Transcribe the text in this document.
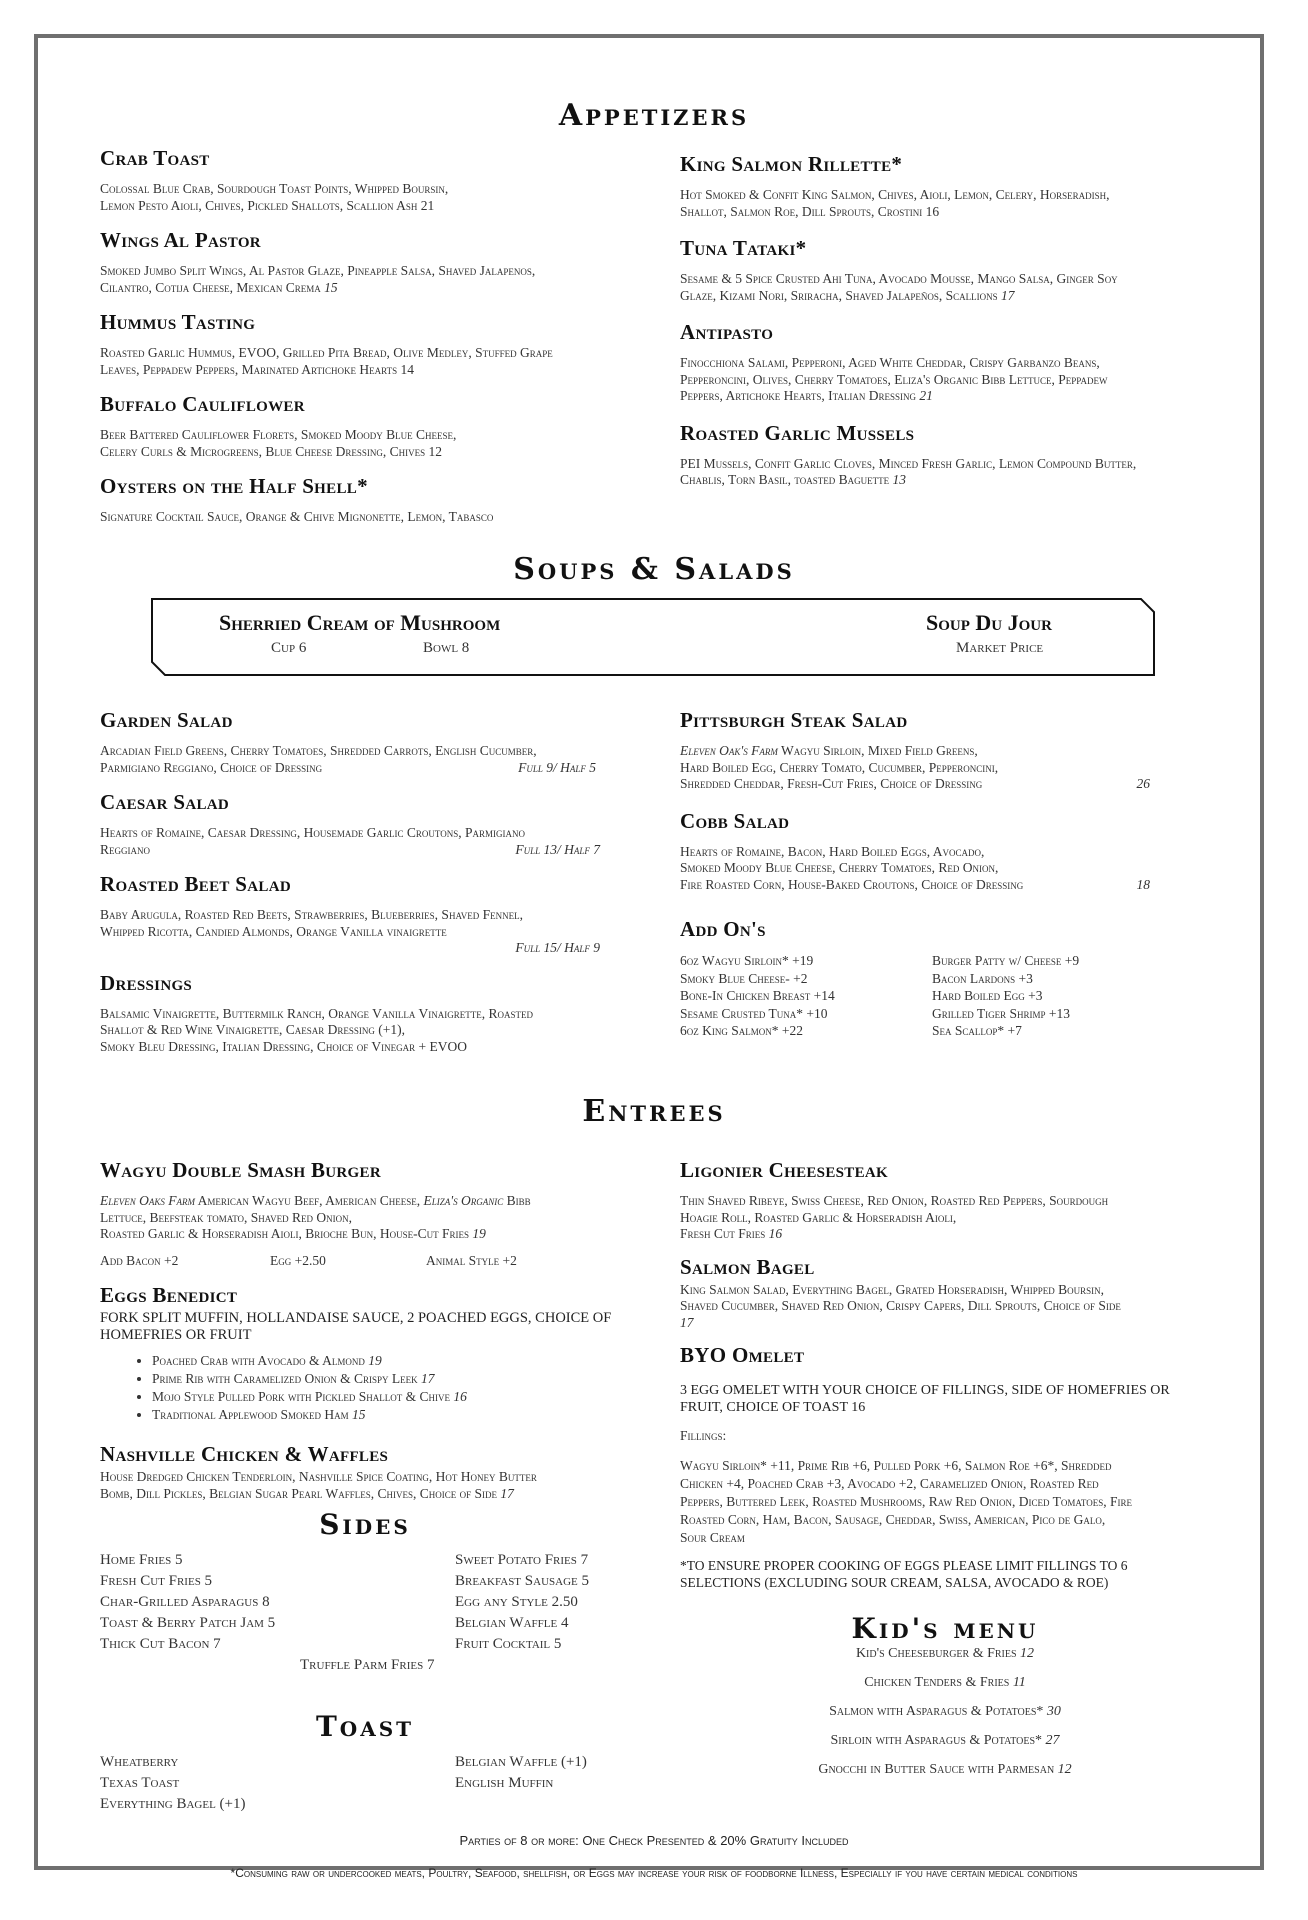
Appetizers
Crab Toast

Colossal Blue Crab, Sourdough Toast Points, Whipped Boursin,
Lemon Pesto Aioli, Chives, Pickled Shallots, Scallion Ash 21

Wings Al Pastor

Smoked Jumbo Split Wings, Al Pastor Glaze, Pineapple Salsa, Shaved Jalapenos,
Cilantro, Cotija Cheese, Mexican Crema 15

Hummus Tasting

Roasted Garlic Hummus, EVOO, Grilled Pita Bread, Olive Medley, Stuffed Grape
Leaves, Peppadew Peppers, Marinated Artichoke Hearts 14

Buffalo Cauliflower

Beer Battered Cauliflower Florets, Smoked Moody Blue Cheese,
Celery Curls & Microgreens, Blue Cheese Dressing, Chives 12

Oysters on the Half Shell*

Signature Cocktail Sauce, Orange & Chive Mignonette, Lemon, Tabasco

King Salmon Rillette*

Hot Smoked & Confit King Salmon, Chives, Aioli, Lemon, Celery, Horseradish,
Shallot, Salmon Roe, Dill Sprouts, Crostini 16

Tuna Tataki*

Sesame & 5 Spice Crusted Ahi Tuna, Avocado Mousse, Mango Salsa, Ginger Soy
Glaze, Kizami Nori, Sriracha, Shaved Jalapeños, Scallions 17

Antipasto

Finocchiona Salami, Pepperoni, Aged White Cheddar, Crispy Garbanzo Beans,
Pepperoncini, Olives, Cherry Tomatoes, Eliza's Organic Bibb Lettuce, Peppadew
Peppers, Artichoke Hearts, Italian Dressing 21

Roasted Garlic Mussels

PEI Mussels, Confit Garlic Cloves, Minced Fresh Garlic, Lemon Compound Butter,
Chablis, Torn Basil, toasted Baguette 13

Soups & Salads
Sherried Cream of Mushroom
Cup 6	Bowl 8
Soup Du Jour
Market Price
Garden Salad

Arcadian Field Greens, Cherry Tomatoes, Shredded Carrots, English Cucumber,

Parmigiano Reggiano, Choice of Dressing	Full 9/ Half 5
Caesar Salad

Hearts of Romaine, Caesar Dressing, Housemade Garlic Croutons, Parmigiano

Reggiano	Full 13/ Half 7
Roasted Beet Salad

Baby Arugula, Roasted Red Beets, Strawberries, Blueberries, Shaved Fennel,
Whipped Ricotta, Candied Almonds, Orange Vanilla vinaigrette

Full 15/ Half 9
Dressings

Balsamic Vinaigrette, Buttermilk Ranch, Orange Vanilla Vinaigrette, Roasted
Shallot & Red Wine Vinaigrette, Caesar Dressing (+1),
Smoky Bleu Dressing, Italian Dressing, Choice of Vinegar + EVOO

Pittsburgh Steak Salad

Eleven Oak's Farm Wagyu Sirloin, Mixed Field Greens,
Hard Boiled Egg, Cherry Tomato, Cucumber, Pepperoncini,

Shredded Cheddar, Fresh-Cut Fries, Choice of Dressing	26
Cobb Salad

Hearts of Romaine, Bacon, Hard Boiled Eggs, Avocado,
Smoked Moody Blue Cheese, Cherry Tomatoes, Red Onion,

Fire Roasted Corn, House-Baked Croutons, Choice of Dressing	18
Add On's
6oz Wagyu Sirloin* +19	Burger Patty w/ Cheese +9
Smoky Blue Cheese- +2	Bacon Lardons +3
Bone-In Chicken Breast +14	Hard Boiled Egg +3
Sesame Crusted Tuna* +10	Grilled Tiger Shrimp +13
6oz King Salmon* +22	Sea Scallop* +7
Entrees
Wagyu Double Smash Burger

Eleven Oaks Farm American Wagyu Beef, American Cheese, Eliza's Organic Bibb
Lettuce, Beefsteak tomato, Shaved Red Onion,
Roasted Garlic & Horseradish Aioli, Brioche Bun, House-Cut Fries 19

Add Bacon +2	Egg +2.50	Animal Style +2
Eggs Benedict
FORK SPLIT MUFFIN, HOLLANDAISE SAUCE, 2 POACHED EGGS, CHOICE OF
HOMEFRIES OR FRUIT
• Poached Crab with Avocado & Almond 19
• Prime Rib with Caramelized Onion & Crispy Leek 17
• Mojo Style Pulled Pork with Pickled Shallot & Chive 16
• Traditional Applewood Smoked Ham 15
Nashville Chicken & Waffles

House Dredged Chicken Tenderloin, Nashville Spice Coating, Hot Honey Butter
Bomb, Dill Pickles, Belgian Sugar Pearl Waffles, Chives, Choice of Side 17

Ligonier Cheesesteak

Thin Shaved Ribeye, Swiss Cheese, Red Onion, Roasted Red Peppers, Sourdough
Hoagie Roll, Roasted Garlic & Horseradish Aioli,
Fresh Cut Fries 16

Salmon Bagel

King Salmon Salad, Everything Bagel, Grated Horseradish, Whipped Boursin,
Shaved Cucumber, Shaved Red Onion, Crispy Capers, Dill Sprouts, Choice of Side
17

BYO Omelet
3 EGG OMELET WITH YOUR CHOICE OF FILLINGS, SIDE OF HOMEFRIES OR
FRUIT, CHOICE OF TOAST 16

Fillings:

Wagyu Sirloin* +11, Prime Rib +6, Pulled Pork +6, Salmon Roe +6*, Shredded
Chicken +4, Poached Crab +3, Avocado +2, Caramelized Onion, Roasted Red
Peppers, Buttered Leek, Roasted Mushrooms, Raw Red Onion, Diced Tomatoes, Fire
Roasted Corn, Ham, Bacon, Sausage, Cheddar, Swiss, American, Pico de Galo,
Sour Cream

*TO ENSURE PROPER COOKING OF EGGS PLEASE LIMIT FILLINGS TO 6
SELECTIONS (EXCLUDING SOUR CREAM, SALSA, AVOCADO & ROE)
Sides
Home Fries 5	Sweet Potato Fries 7
Fresh Cut Fries 5	Breakfast Sausage 5
Char-Grilled Asparagus 8	Egg any Style 2.50
Toast & Berry Patch Jam 5	Belgian Waffle 4
Thick Cut Bacon 7	Fruit Cocktail 5
Truffle Parm Fries 7
Toast
Wheatberry	Belgian Waffle (+1)
Texas Toast	English Muffin
Everything Bagel (+1)
Kid's menu
Kid's Cheeseburger & Fries 12
Chicken Tenders & Fries 11
Salmon with Asparagus & Potatoes* 30
Sirloin with Asparagus & Potatoes* 27
Gnocchi in Butter Sauce with Parmesan 12
Parties of 8 or more: One Check Presented & 20% Gratuity Included
*Consuming raw or undercooked meats, Poultry, Seafood, shellfish, or Eggs may increase your risk of foodborne Illness, Especially if you have certain medical conditions
